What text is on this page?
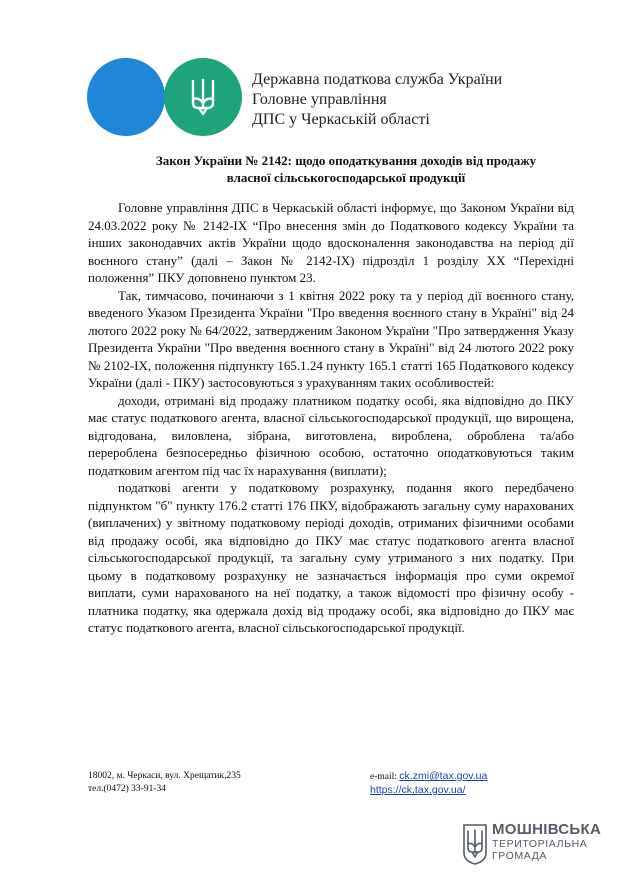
Державна податкова служба України
Головне управління
ДПС у Черкаській області
Закон України № 2142: щодо оподаткування доходів від продажу
власної сільськогосподарської продукції

Головне управління ДПС в Черкаській області інформує, що Законом України від 24.03.2022 року № 2142-IX “Про внесення змін до Податкового кодексу України та інших законодавчих актів України щодо вдосконалення законодавства на період дії воєнного стану” (далі – Закон № 2142-IX) підрозділ 1 розділу XX “Перехідні положення” ПКУ доповнено пунктом 23.

Так, тимчасово, починаючи з 1 квітня 2022 року та у період дії воєнного стану, введеного Указом Президента України "Про введення воєнного стану в Україні" від 24 лютого 2022 року № 64/2022, затвердженим Законом України "Про затвердження Указу Президента України "Про введення воєнного стану в Україні" від 24 лютого 2022 року № 2102-IX, положення підпункту 165.1.24 пункту 165.1 статті 165 Податкового кодексу України (далі - ПКУ) застосовуються з урахуванням таких особливостей:

доходи, отримані від продажу платником податку особі, яка відповідно до ПКУ має статус податкового агента, власної сільськогосподарської продукції, що вирощена, відгодована, виловлена, зібрана, виготовлена, вироблена, оброблена та/або перероблена безпосередньо фізичною особою, остаточно оподатковуються таким податковим агентом під час їх нарахування (виплати);

податкові агенти у податковому розрахунку, подання якого передбачено підпунктом "б" пункту 176.2 статті 176 ПКУ, відображають загальну суму нарахованих (виплачених) у звітному податковому періоді доходів, отриманих фізичними особами від продажу особі, яка відповідно до ПКУ має статус податкового агента власної сільськогосподарської продукції, та загальну суму утриманого з них податку. При цьому в податковому розрахунку не зазначається інформація про суми окремої виплати, суми нарахованого на неї податку, а також відомості про фізичну особу - платника податку, яка одержала дохід від продажу особі, яка відповідно до ПКУ має статус податкового агента, власної сільськогосподарської продукції.

18002, м. Черкаси, вул. Хрещатик,235
тел.(0472) 33-91-34
e-mail: ck.zmi@tax.gov.ua
https://ck.tax.gov.ua/
МОШНІВСЬКА
ТЕРИТОРІАЛЬНА
ГРОМАДА
